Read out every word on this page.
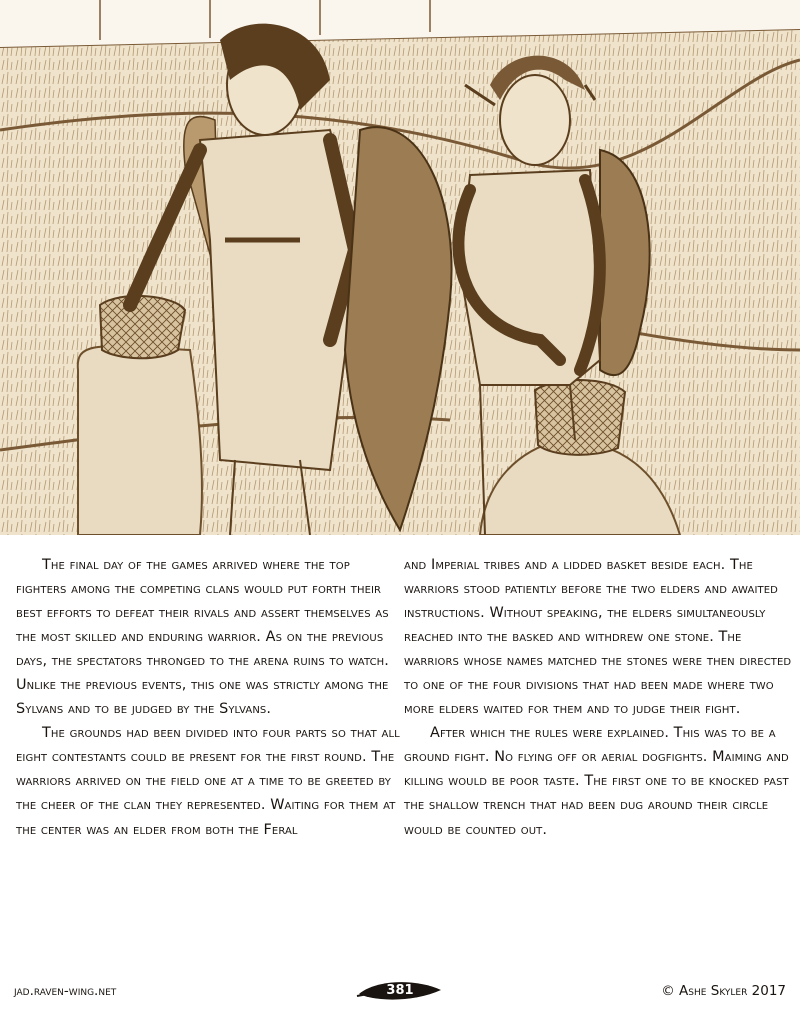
The final day of the games arrived where the top fighters among the competing clans would put forth their best efforts to defeat their rivals and assert themselves as the most skilled and enduring warrior. As on the previous days, the spectators thronged to the arena ruins to watch. Unlike the previous events, this one was strictly among the Sylvans and to be judged by the Sylvans.

The grounds had been divided into four parts so that all eight contestants could be present for the first round. The warriors arrived on the field one at a time to be greeted by the cheer of the clan they represented. Waiting for them at the center was an elder from both the Feral

and Imperial tribes and a lidded basket beside each. The warriors stood patiently before the two elders and awaited instructions. Without speaking, the elders simultaneously reached into the basked and withdrew one stone. The warriors whose names matched the stones were then directed to one of the four divisions that had been made where two more elders waited for them and to judge their fight.

After which the rules were explained. This was to be a ground fight. No flying off or aerial dogfights. Maiming and killing would be poor taste. The first one to be knocked past the shallow trench that had been dug around their circle would be counted out.

jad.raven-wing.net	381	© Ashe Skyler 2017
